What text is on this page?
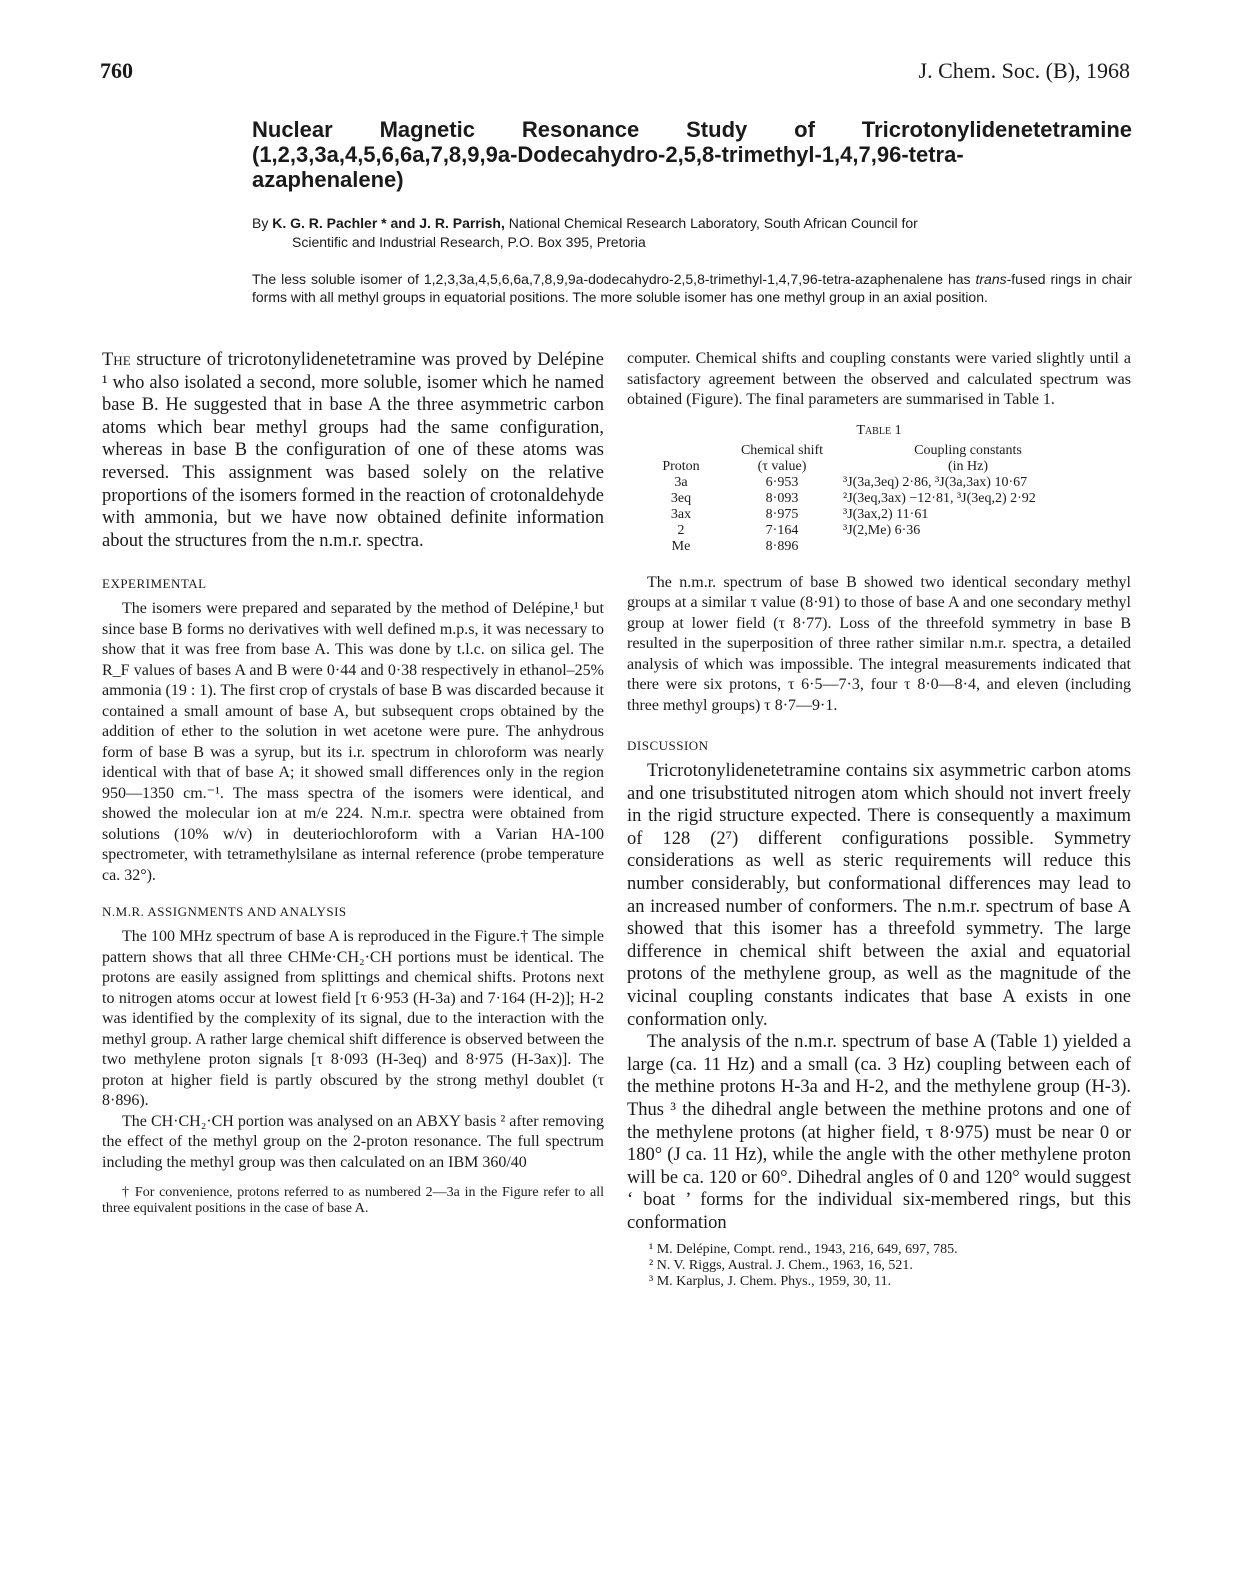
760	J. Chem. Soc. (B), 1968
Nuclear Magnetic Resonance Study of Tricrotonylidenetetramine
(1,2,3,3a,4,5,6,6a,7,8,9,9a-Dodecahydro-2,5,8-trimethyl-1,4,7,96-tetra-
azaphenalene)
By K. G. R. Pachler * and J. R. Parrish, National Chemical Research Laboratory, South African Council for
Scientific and Industrial Research, P.O. Box 395, Pretoria
The less soluble isomer of 1,2,3,3a,4,5,6,6a,7,8,9,9a-dodecahydro-2,5,8-trimethyl-1,4,7,96-tetra-azaphenalene has trans-fused rings in chair forms with all methyl groups in equatorial positions. The more soluble isomer has one methyl group in an axial position.

The structure of tricrotonylidenetetramine was proved by Delépine ¹ who also isolated a second, more soluble, isomer which he named base B. He suggested that in base A the three asymmetric carbon atoms which bear methyl groups had the same configuration, whereas in base B the configuration of one of these atoms was reversed. This assignment was based solely on the relative proportions of the isomers formed in the reaction of crotonaldehyde with ammonia, but we have now obtained definite information about the structures from the n.m.r. spectra.

EXPERIMENTAL

The isomers were prepared and separated by the method of Delépine,¹ but since base B forms no derivatives with well defined m.p.s, it was necessary to show that it was free from base A. This was done by t.l.c. on silica gel. The R_F values of bases A and B were 0·44 and 0·38 respectively in ethanol–25% ammonia (19 : 1). The first crop of crystals of base B was discarded because it contained a small amount of base A, but subsequent crops obtained by the addition of ether to the solution in wet acetone were pure. The anhydrous form of base B was a syrup, but its i.r. spectrum in chloroform was nearly identical with that of base A; it showed small differences only in the region 950—1350 cm.⁻¹. The mass spectra of the isomers were identical, and showed the molecular ion at m/e 224. N.m.r. spectra were obtained from solutions (10% w/v) in deuteriochloroform with a Varian HA-100 spectrometer, with tetramethylsilane as internal reference (probe temperature ca. 32°).

N.M.R. ASSIGNMENTS AND ANALYSIS

The 100 MHz spectrum of base A is reproduced in the Figure.† The simple pattern shows that all three CHMe·CH₂·CH portions must be identical. The protons are easily assigned from splittings and chemical shifts. Protons next to nitrogen atoms occur at lowest field [τ 6·953 (H-3a) and 7·164 (H-2)]; H-2 was identified by the complexity of its signal, due to the interaction with the methyl group. A rather large chemical shift difference is observed between the two methylene proton signals [τ 8·093 (H-3eq) and 8·975 (H-3ax)]. The proton at higher field is partly obscured by the strong methyl doublet (τ 8·896).

The CH·CH₂·CH portion was analysed on an ABXY basis ² after removing the effect of the methyl group on the 2-proton resonance. The full spectrum including the methyl group was then calculated on an IBM 360/40

† For convenience, protons referred to as numbered 2—3a in the Figure refer to all three equivalent positions in the case of base A.

computer. Chemical shifts and coupling constants were varied slightly until a satisfactory agreement between the observed and calculated spectrum was obtained (Figure). The final parameters are summarised in Table 1.

Table 1
	Chemical shift	Coupling constants
Proton	(τ value)	(in Hz)
3a	6·953	³J(3a,3eq) 2·86, ³J(3a,3ax) 10·67
3eq	8·093	²J(3eq,3ax) −12·81, ³J(3eq,2) 2·92
3ax	8·975	³J(3ax,2) 11·61
2	7·164	³J(2,Me) 6·36
Me	8·896	

The n.m.r. spectrum of base B showed two identical secondary methyl groups at a similar τ value (8·91) to those of base A and one secondary methyl group at lower field (τ 8·77). Loss of the threefold symmetry in base B resulted in the superposition of three rather similar n.m.r. spectra, a detailed analysis of which was impossible. The integral measurements indicated that there were six protons, τ 6·5—7·3, four τ 8·0—8·4, and eleven (including three methyl groups) τ 8·7—9·1.

DISCUSSION

Tricrotonylidenetetramine contains six asymmetric carbon atoms and one trisubstituted nitrogen atom which should not invert freely in the rigid structure expected. There is consequently a maximum of 128 (2⁷) different configurations possible. Symmetry considerations as well as steric requirements will reduce this number considerably, but conformational differences may lead to an increased number of conformers. The n.m.r. spectrum of base A showed that this isomer has a threefold symmetry. The large difference in chemical shift between the axial and equatorial protons of the methylene group, as well as the magnitude of the vicinal coupling constants indicates that base A exists in one conformation only.

The analysis of the n.m.r. spectrum of base A (Table 1) yielded a large (ca. 11 Hz) and a small (ca. 3 Hz) coupling between each of the methine protons H-3a and H-2, and the methylene group (H-3). Thus ³ the dihedral angle between the methine protons and one of the methylene protons (at higher field, τ 8·975) must be near 0 or 180° (J ca. 11 Hz), while the angle with the other methylene proton will be ca. 120 or 60°. Dihedral angles of 0 and 120° would suggest ‘ boat ’ forms for the individual six-membered rings, but this conformation

¹ M. Delépine, Compt. rend., 1943, 216, 649, 697, 785.
² N. V. Riggs, Austral. J. Chem., 1963, 16, 521.
³ M. Karplus, J. Chem. Phys., 1959, 30, 11.
